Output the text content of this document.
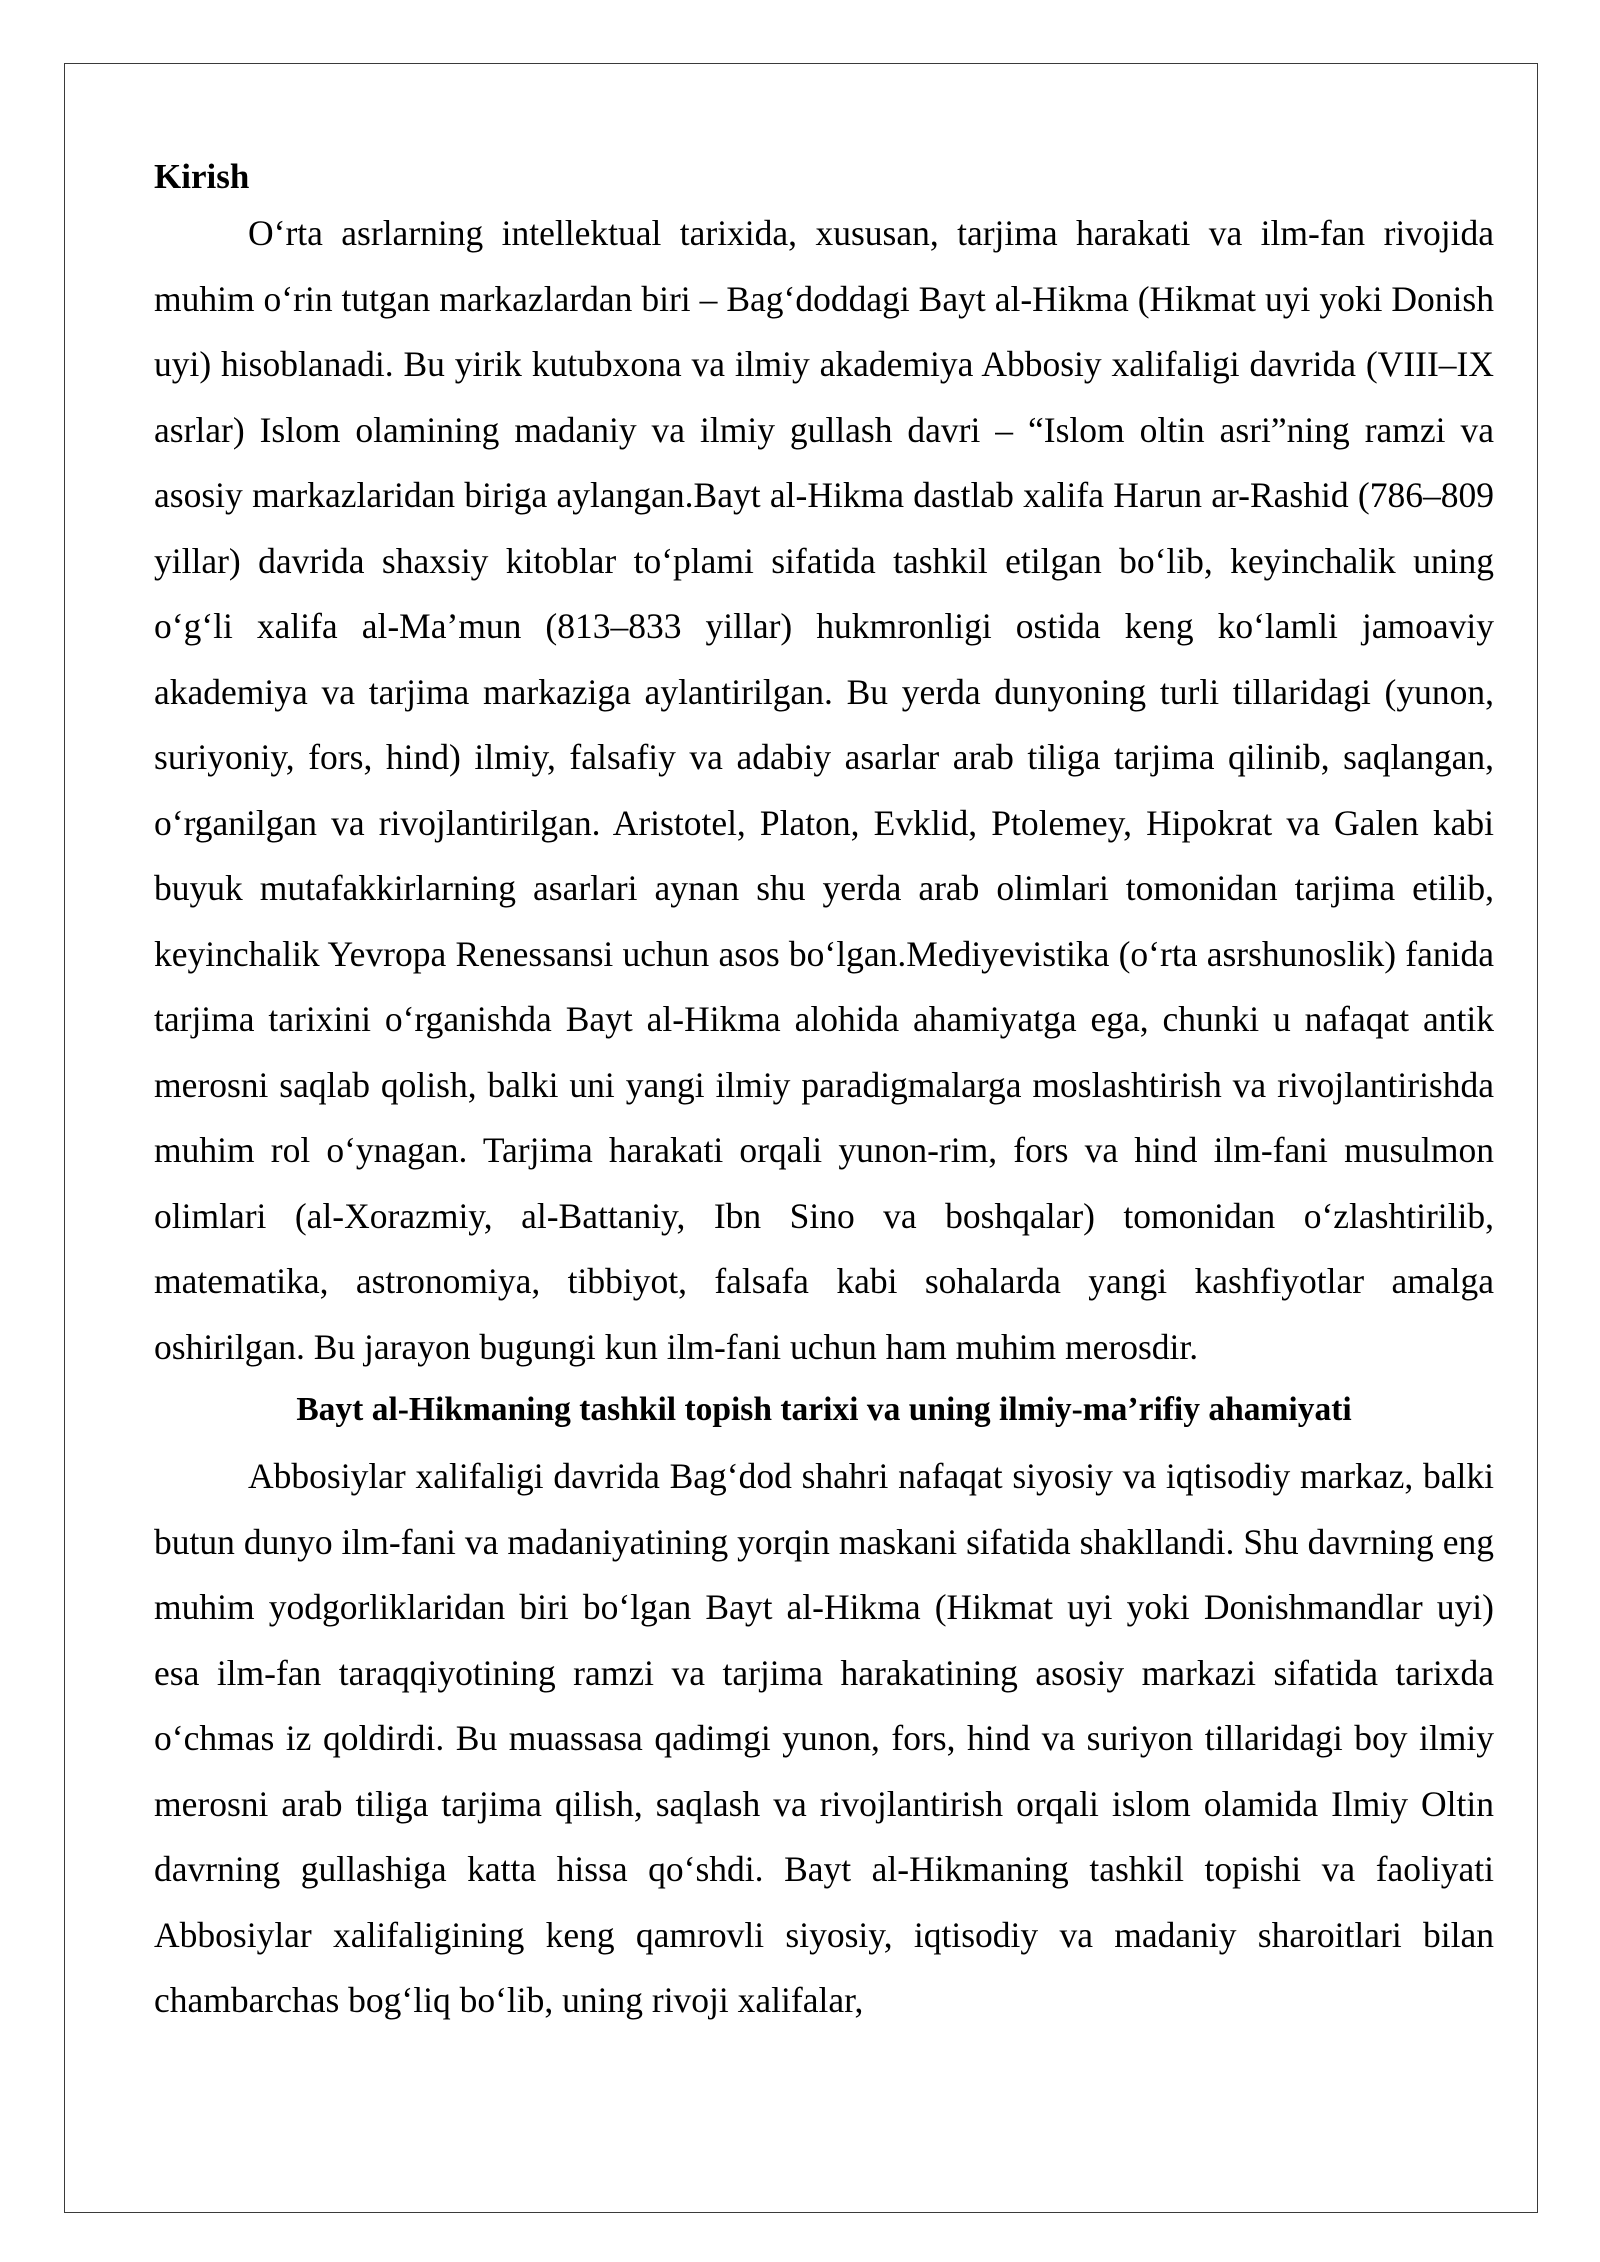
Kirish

O‘rta asrlarning intellektual tarixida, xususan, tarjima harakati va ilm-fan rivojida muhim o‘rin tutgan markazlardan biri – Bag‘doddagi Bayt al-Hikma (Hikmat uyi yoki Donish uyi) hisoblanadi. Bu yirik kutubxona va ilmiy akademiya Abbosiy xalifaligi davrida (VIII–IX asrlar) Islom olamining madaniy va ilmiy gullash davri – “Islom oltin asri”ning ramzi va asosiy markazlaridan biriga aylangan.Bayt al-Hikma dastlab xalifa Harun ar-Rashid (786–809 yillar) davrida shaxsiy kitoblar to‘plami sifatida tashkil etilgan bo‘lib, keyinchalik uning o‘g‘li xalifa al-Ma’mun (813–833 yillar) hukmronligi ostida keng ko‘lamli jamoaviy akademiya va tarjima markaziga aylantirilgan. Bu yerda dunyoning turli tillaridagi (yunon, suriyoniy, fors, hind) ilmiy, falsafiy va adabiy asarlar arab tiliga tarjima qilinib, saqlangan, o‘rganilgan va rivojlantirilgan. Aristotel, Platon, Evklid, Ptolemey, Hipokrat va Galen kabi buyuk mutafakkirlarning asarlari aynan shu yerda arab olimlari tomonidan tarjima etilib, keyinchalik Yevropa Renessansi uchun asos bo‘lgan.Mediyevistika (o‘rta asrshunoslik) fanida tarjima tarixini o‘rganishda Bayt al-Hikma alohida ahamiyatga ega, chunki u nafaqat antik merosni saqlab qolish, balki uni yangi ilmiy paradigmalarga moslashtirish va rivojlantirishda muhim rol o‘ynagan. Tarjima harakati orqali yunon-rim, fors va hind ilm-fani musulmon olimlari (al-Xorazmiy, al-Battaniy, Ibn Sino va boshqalar) tomonidan o‘zlashtirilib, matematika, astronomiya, tibbiyot, falsafa kabi sohalarda yangi kashfiyotlar amalga oshirilgan. Bu jarayon bugungi kun ilm-fani uchun ham muhim merosdir.

Bayt al-Hikmaning tashkil topish tarixi va uning ilmiy-ma’rifiy ahamiyati

Abbosiylar xalifaligi davrida Bag‘dod shahri nafaqat siyosiy va iqtisodiy markaz, balki butun dunyo ilm-fani va madaniyatining yorqin maskani sifatida shakllandi. Shu davrning eng muhim yodgorliklaridan biri bo‘lgan Bayt al-Hikma (Hikmat uyi yoki Donishmandlar uyi) esa ilm-fan taraqqiyotining ramzi va tarjima harakatining asosiy markazi sifatida tarixda o‘chmas iz qoldirdi. Bu muassasa qadimgi yunon, fors, hind va suriyon tillaridagi boy ilmiy merosni arab tiliga tarjima qilish, saqlash va rivojlantirish orqali islom olamida Ilmiy Oltin davrning gullashiga katta hissa qo‘shdi. Bayt al-Hikmaning tashkil topishi va faoliyati Abbosiylar xalifaligining keng qamrovli siyosiy, iqtisodiy va madaniy sharoitlari bilan chambarchas bog‘liq bo‘lib, uning rivoji xalifalar,
